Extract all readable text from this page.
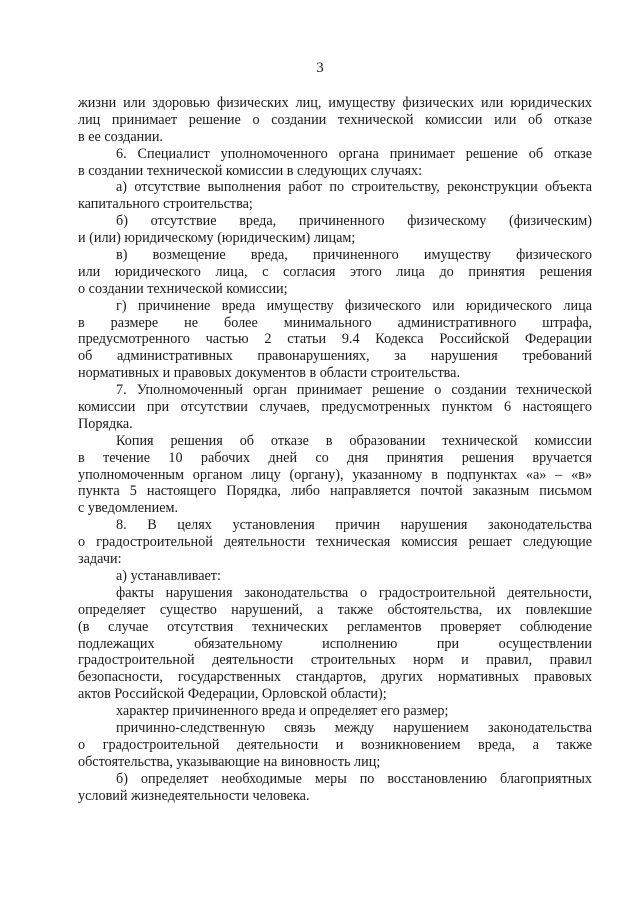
3
жизни или здоровью физических лиц, имуществу физических или юридических
лиц принимает решение о создании технической комиссии или об отказе
в ее создании.
6. Специалист уполномоченного органа принимает решение об отказе
в создании технической комиссии в следующих случаях:
а) отсутствие выполнения работ по строительству, реконструкции объекта
капитального строительства;
б) отсутствие вреда, причиненного физическому (физическим)
и (или) юридическому (юридическим) лицам;
в) возмещение вреда, причиненного имуществу физического
или юридического лица, с согласия этого лица до принятия решения
о создании технической комиссии;
г) причинение вреда имуществу физического или юридического лица
в размере не более минимального административного штрафа,
предусмотренного частью 2 статьи 9.4 Кодекса Российской Федерации
об административных правонарушениях, за нарушения требований
нормативных и правовых документов в области строительства.
7. Уполномоченный орган принимает решение о создании технической
комиссии при отсутствии случаев, предусмотренных пунктом 6 настоящего
Порядка.
Копия решения об отказе в образовании технической комиссии
в течение 10 рабочих дней со дня принятия решения вручается
уполномоченным органом лицу (органу), указанному в подпунктах «а» – «в»
пункта 5 настоящего Порядка, либо направляется почтой заказным письмом
с уведомлением.
8. В целях установления причин нарушения законодательства
о градостроительной деятельности техническая комиссия решает следующие
задачи:
а) устанавливает:
факты нарушения законодательства о градостроительной деятельности,
определяет существо нарушений, а также обстоятельства, их повлекшие
(в случае отсутствия технических регламентов проверяет соблюдение
подлежащих обязательному исполнению при осуществлении
градостроительной деятельности строительных норм и правил, правил
безопасности, государственных стандартов, других нормативных правовых
актов Российской Федерации, Орловской области);
характер причиненного вреда и определяет его размер;
причинно-следственную связь между нарушением законодательства
о градостроительной деятельности и возникновением вреда, а также
обстоятельства, указывающие на виновность лиц;
б) определяет необходимые меры по восстановлению благоприятных
условий жизнедеятельности человека.
